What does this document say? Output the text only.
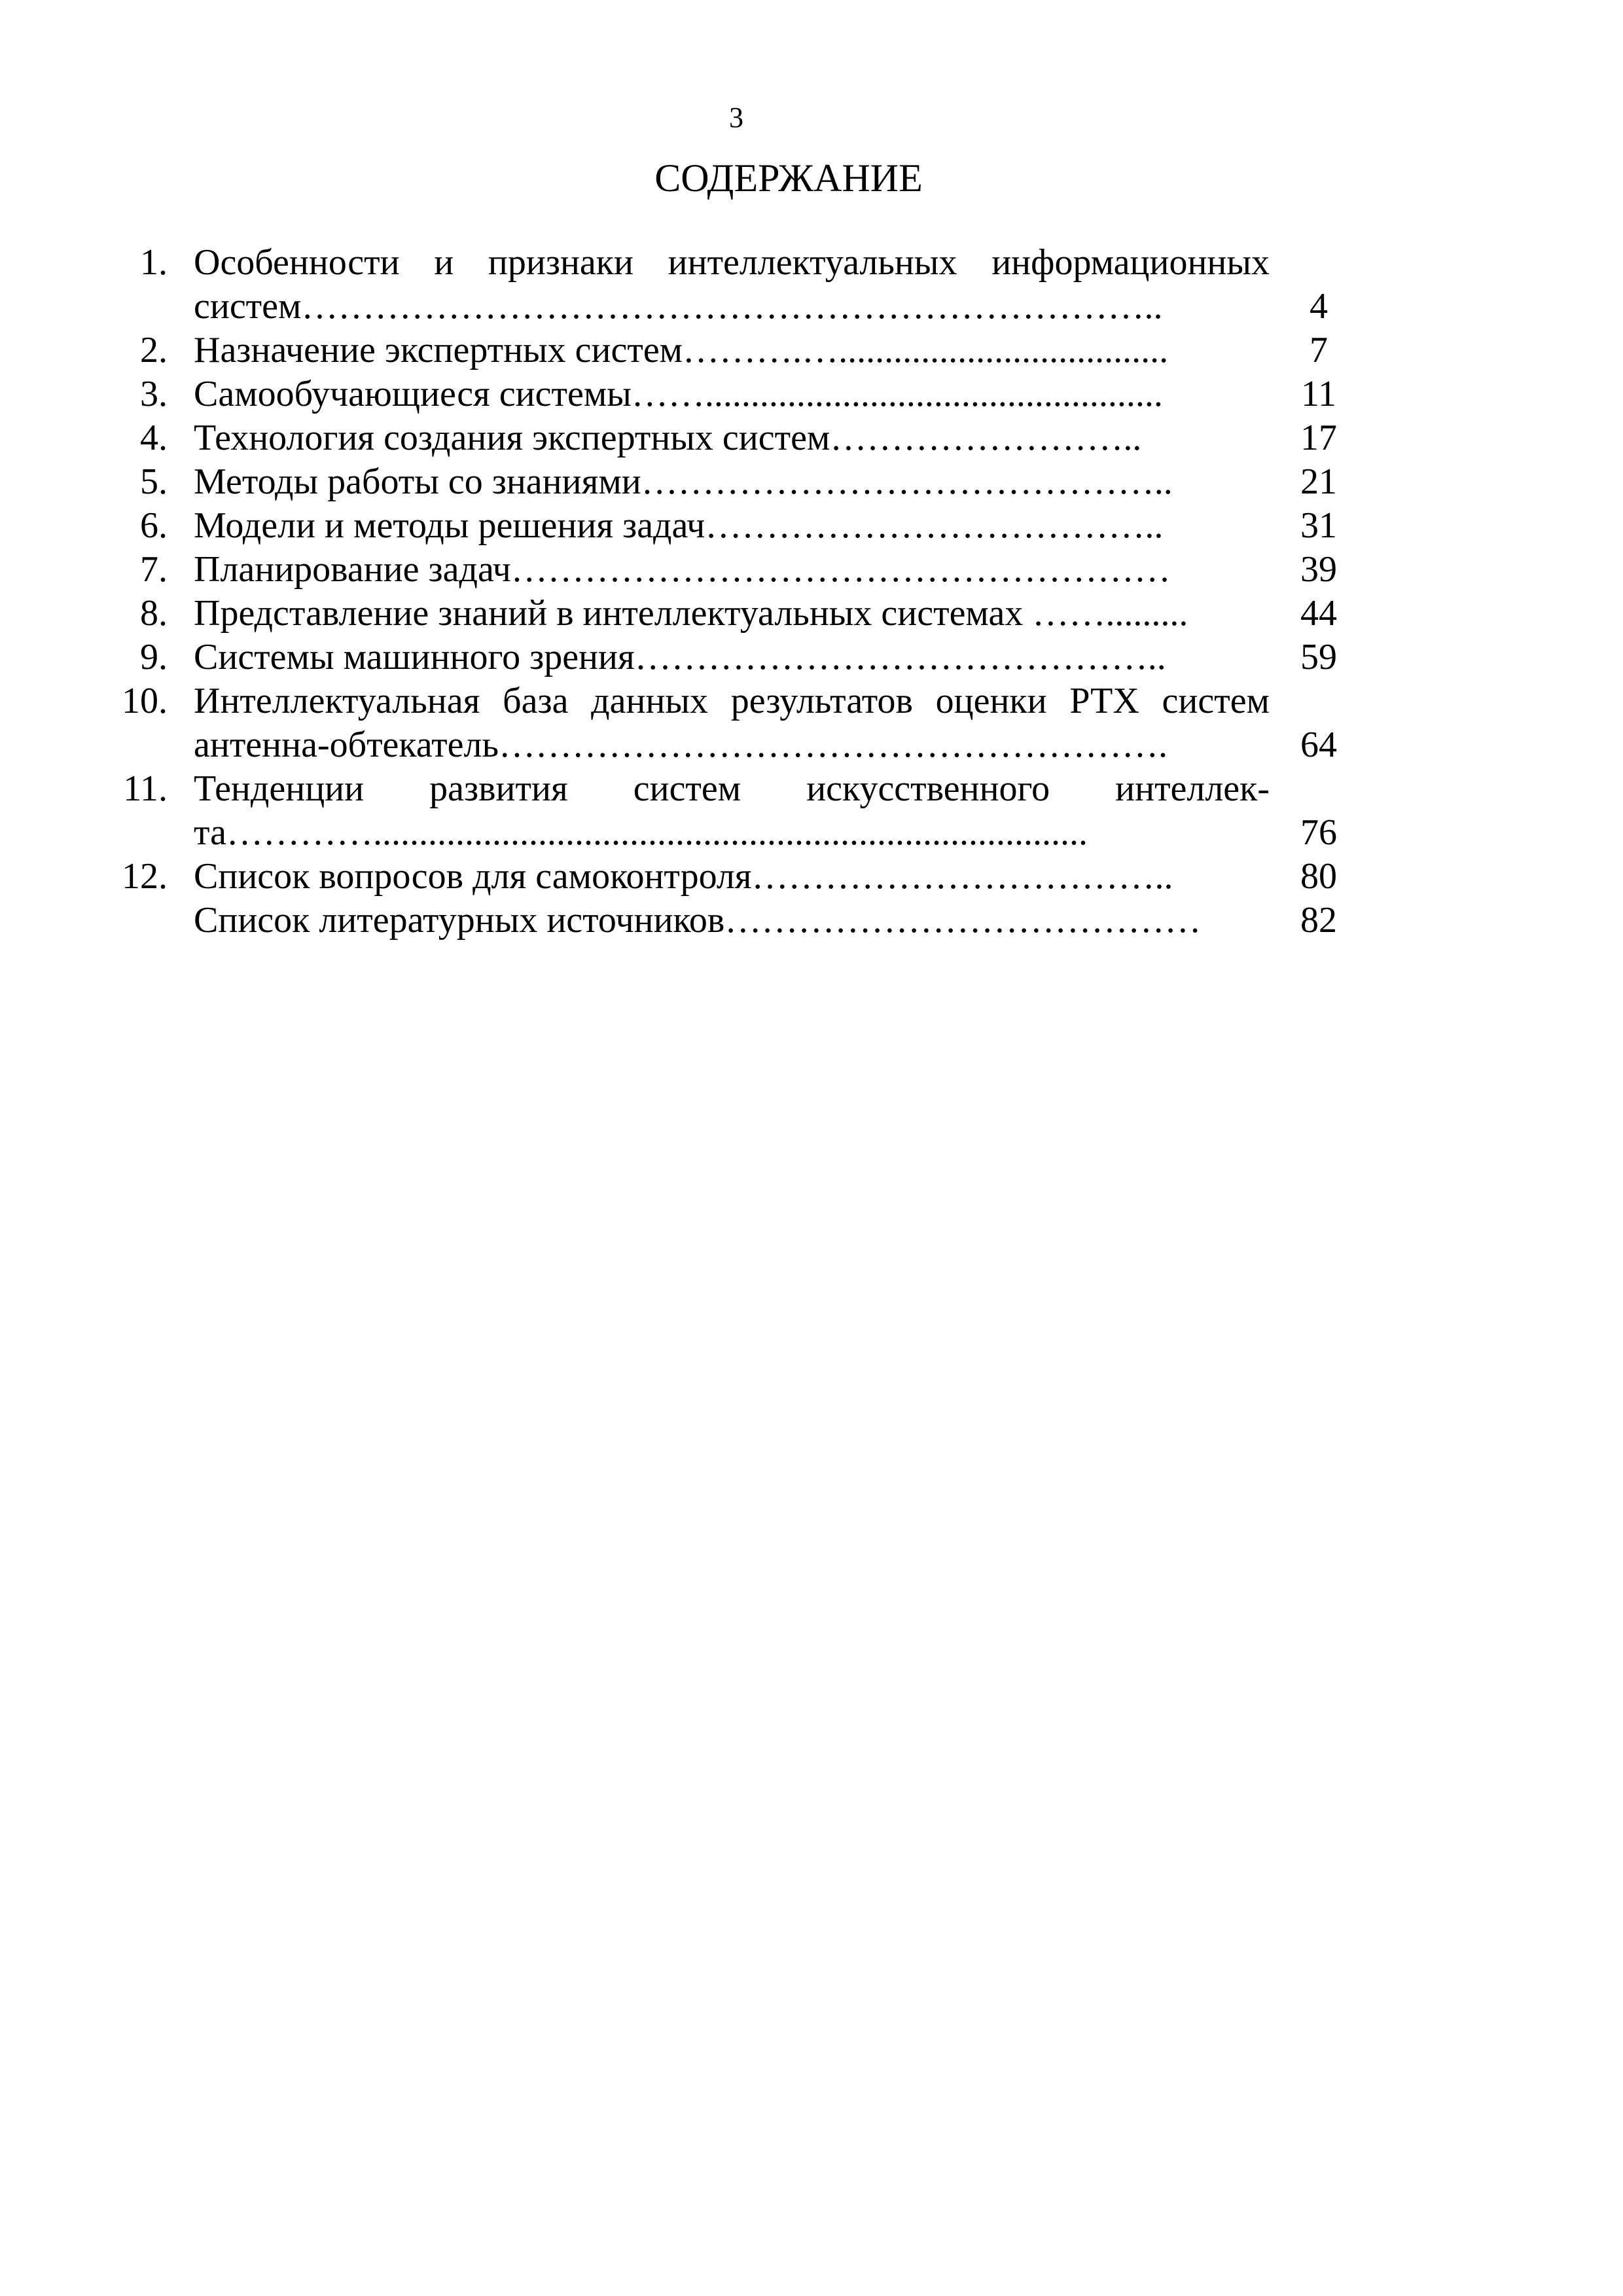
3
СОДЕРЖАНИЕ
1. Особенности и признаки интеллектуальных информационных
систем……………………………………………………………..	4
2. Назначение экспертных систем……….…....................................	7
3. Самообучающиеся системы……..................................................	11
4. Технология создания экспертных систем……………………..	17
5. Методы работы со знаниями……………………………………..	21
6. Модели и методы решения задач………………………………..	31
7. Планирование задач………………………………………………	39
8. Представление знаний в интеллектуальных системах …….........	44
9. Системы машинного зрения……………………………………..	59
10. Интеллектуальная база данных результатов оценки РТХ систем
антенна-обтекатель……………………………………………….	64
11. Тенденции развития систем искусственного интеллек-
та…………..............................................................................	76
12. Список вопросов для самоконтроля……………………………..	80
Список литературных источников…………………………………	82
